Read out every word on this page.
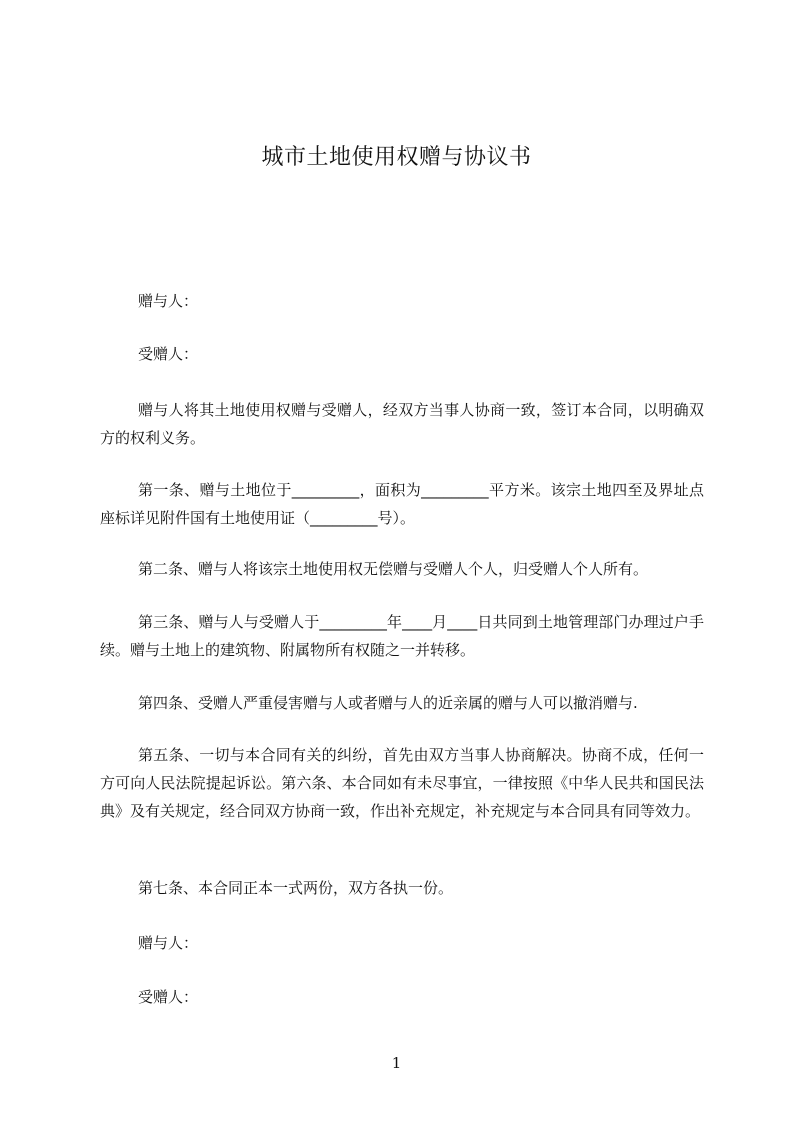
城市土地使用权赠与协议书

赠与人：

受赠人：

赠与人将其土地使用权赠与受赠人，经双方当事人协商一致，签订本合同，以明确双方的权利义务。

第一条、赠与土地位于_________，面积为_________平方米。该宗土地四至及界址点座标详见附件国有土地使用证（_________号）。

第二条、赠与人将该宗土地使用权无偿赠与受赠人个人，归受赠人个人所有。

第三条、赠与人与受赠人于_________年____月____日共同到土地管理部门办理过户手续。赠与土地上的建筑物、附属物所有权随之一并转移。

第四条、受赠人严重侵害赠与人或者赠与人的近亲属的赠与人可以撤消赠与.

第五条、一切与本合同有关的纠纷，首先由双方当事人协商解决。协商不成，任何一方可向人民法院提起诉讼。第六条、本合同如有未尽事宜，一律按照《中华人民共和国民法典》及有关规定，经合同双方协商一致，作出补充规定，补充规定与本合同具有同等效力。

第七条、本合同正本一式两份，双方各执一份。

赠与人：

受赠人：

1
